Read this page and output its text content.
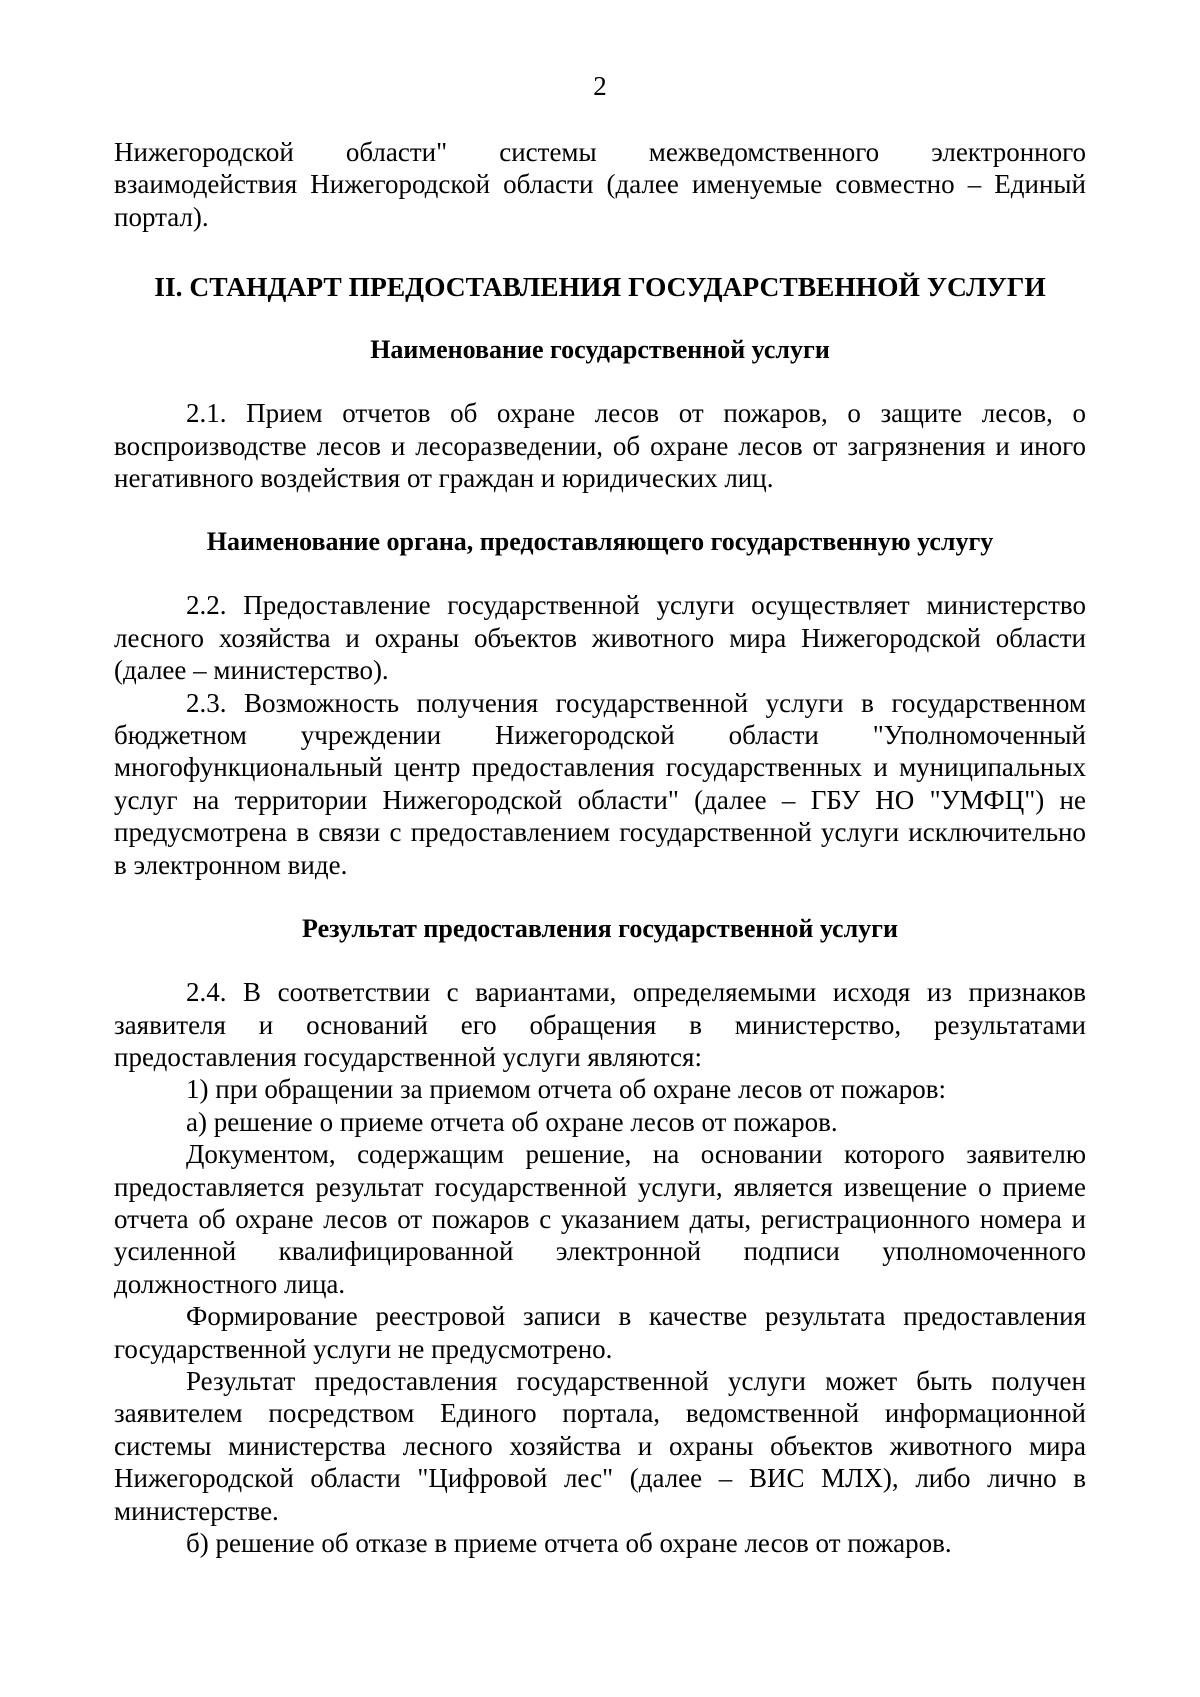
2

Нижегородской области" системы межведомственного электронного взаимодействия Нижегородской области (далее именуемые совместно – Единый портал).

II. СТАНДАРТ ПРЕДОСТАВЛЕНИЯ ГОСУДАРСТВЕННОЙ УСЛУГИ
Наименование государственной услуги

2.1. Прием отчетов об охране лесов от пожаров, о защите лесов, о воспроизводстве лесов и лесоразведении, об охране лесов от загрязнения и иного негативного воздействия от граждан и юридических лиц.

Наименование органа, предоставляющего государственную услугу

2.2. Предоставление государственной услуги осуществляет министерство лесного хозяйства и охраны объектов животного мира Нижегородской области (далее – министерство).

2.3. Возможность получения государственной услуги в государственном бюджетном учреждении Нижегородской области "Уполномоченный многофункциональный центр предоставления государственных и муниципальных услуг на территории Нижегородской области" (далее – ГБУ НО "УМФЦ") не предусмотрена в связи с предоставлением государственной услуги исключительно в электронном виде.

Результат предоставления государственной услуги

2.4. В соответствии с вариантами, определяемыми исходя из признаков заявителя и оснований его обращения в министерство, результатами предоставления государственной услуги являются:

1) при обращении за приемом отчета об охране лесов от пожаров:

а) решение о приеме отчета об охране лесов от пожаров.

Документом, содержащим решение, на основании которого заявителю предоставляется результат государственной услуги, является извещение о приеме отчета об охране лесов от пожаров с указанием даты, регистрационного номера и усиленной квалифицированной электронной подписи уполномоченного должностного лица.

Формирование реестровой записи в качестве результата предоставления государственной услуги не предусмотрено.

Результат предоставления государственной услуги может быть получен заявителем посредством Единого портала, ведомственной информационной системы министерства лесного хозяйства и охраны объектов животного мира Нижегородской области "Цифровой лес" (далее – ВИС МЛХ), либо лично в министерстве.

б) решение об отказе в приеме отчета об охране лесов от пожаров.
